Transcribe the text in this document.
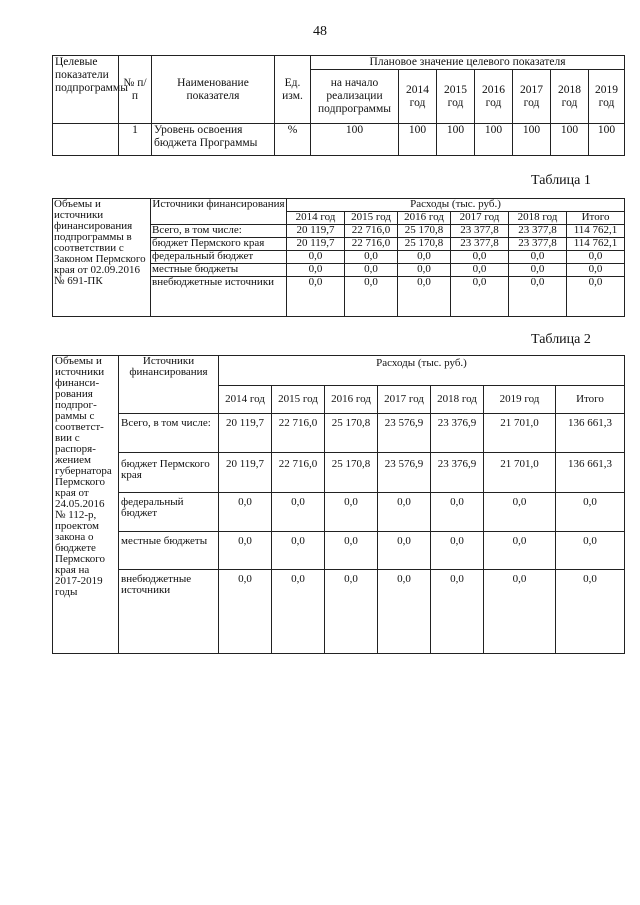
48
Целевые показатели подпрограммы	№ п/п	Наименование показателя	Ед. изм.	Плановое значение целевого показателя						
				на начало реализации подпрограммы	2014 год	2015 год	2016 год	2017 год	2018 год	2019 год
	1	Уровень освоения бюджета Программы	%	100	100	100	100	100	100	100
Таблица 1
Объемы и источники финансирования подпрограммы в соответствии с Законом Пермского края от 02.09.2016 № 691-ПК	Источники финансирования	Расходы (тыс. руб.)					
		2014 год	2015 год	2016 год	2017 год	2018 год	Итого
	Всего, в том числе:	20 119,7	22 716,0	25 170,8	23 377,8	23 377,8	114 762,1
	бюджет Пермского края	20 119,7	22 716,0	25 170,8	23 377,8	23 377,8	114 762,1
	федеральный бюджет	0,0	0,0	0,0	0,0	0,0	0,0
	местные бюджеты	0,0	0,0	0,0	0,0	0,0	0,0
	внебюджетные источники	0,0	0,0	0,0	0,0	0,0	0,0
Таблица 2
Объемы и источники финанси-рования подпрог-раммы с соответст-вии с распоря-жением губернатора Пермского края от 24.05.2016 № 112-р, проектом закона о бюджете Пермского края на 2017-2019 годы	Источники финансирования	Расходы (тыс. руб.)						
		2014 год	2015 год	2016 год	2017 год	2018 год	2019 год	Итого
	Всего, в том числе:	20 119,7	22 716,0	25 170,8	23 576,9	23 376,9	21 701,0	136 661,3
	бюджет Пермского края	20 119,7	22 716,0	25 170,8	23 576,9	23 376,9	21 701,0	136 661,3
	федеральный бюджет	0,0	0,0	0,0	0,0	0,0	0,0	0,0
	местные бюджеты	0,0	0,0	0,0	0,0	0,0	0,0	0,0
	внебюджетные источники	0,0	0,0	0,0	0,0	0,0	0,0	0,0
